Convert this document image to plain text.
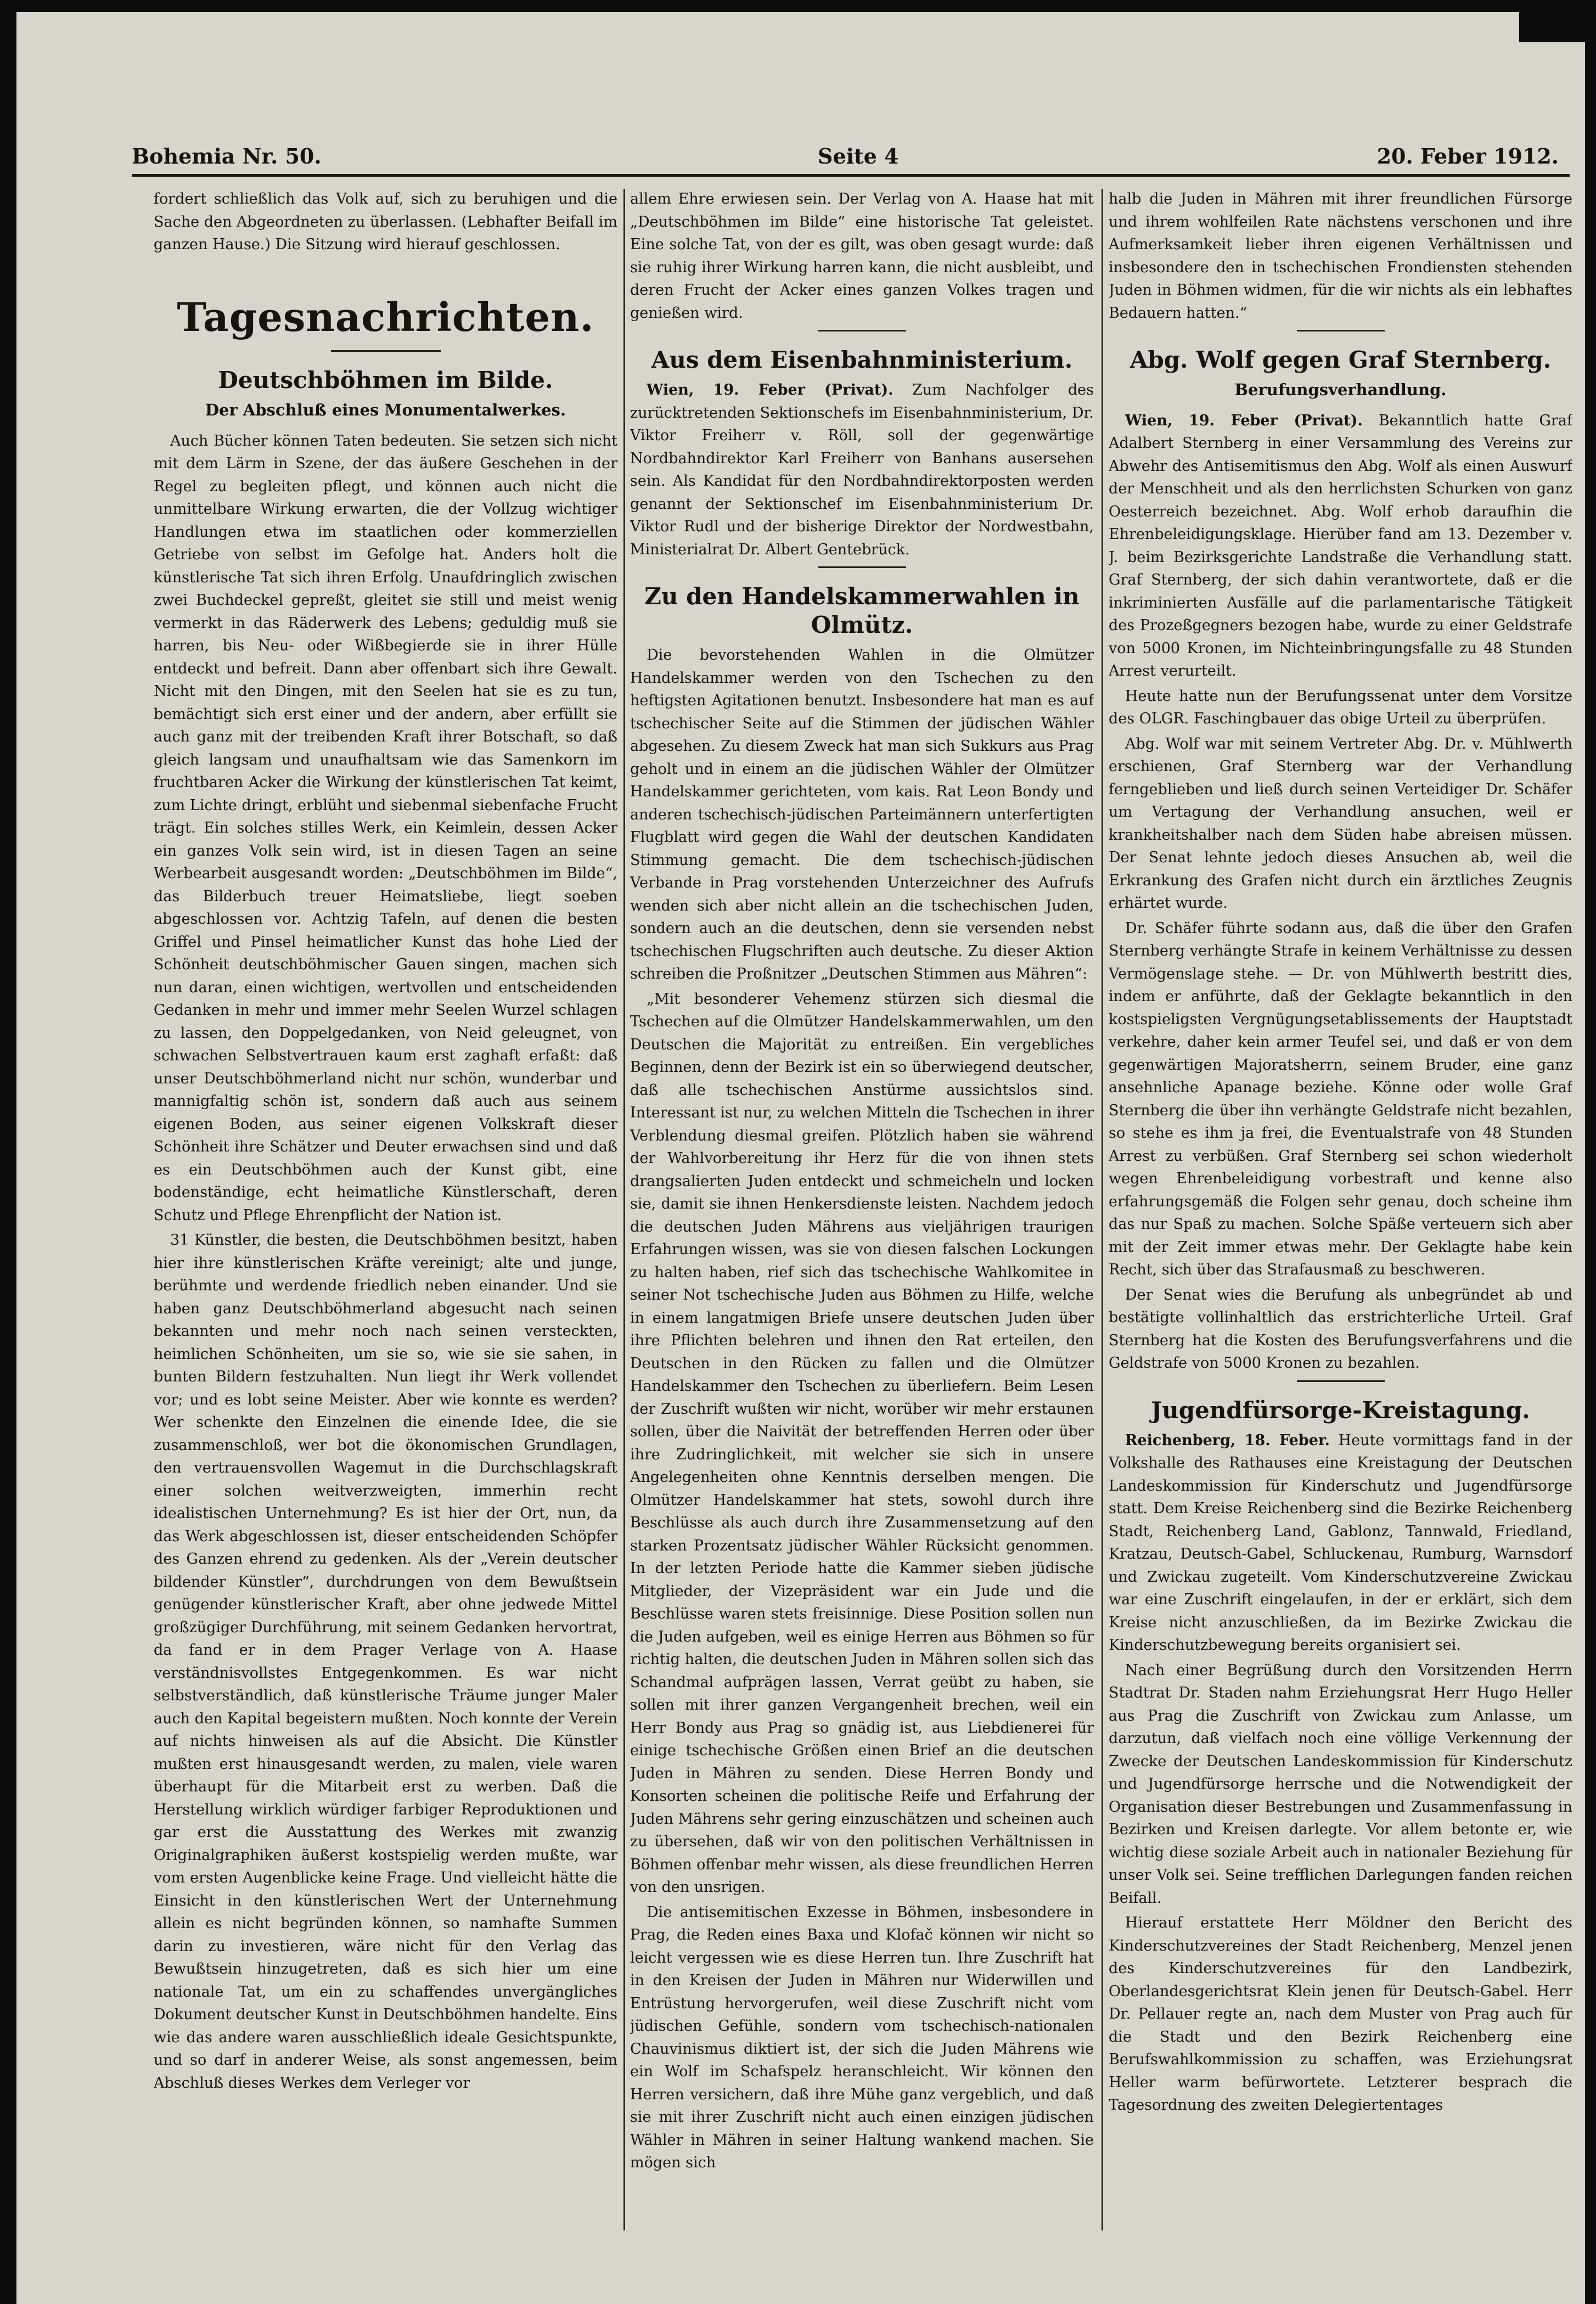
Bohemia Nr. 50.	Seite 4	20. Feber 1912.

fordert schließlich das Volk auf, sich zu beruhigen und die Sache den Abgeordneten zu überlassen. (Lebhafter Beifall im ganzen Hause.) Die Sitzung wird hierauf geschlossen.

Tagesnachrichten.
Deutschböhmen im Bilde.
Der Abschluß eines Monumentalwerkes.

Auch Bücher können Taten bedeuten. Sie setzen sich nicht mit dem Lärm in Szene, der das äußere Geschehen in der Regel zu begleiten pflegt, und können auch nicht die unmittelbare Wirkung erwarten, die der Vollzug wichtiger Handlungen etwa im staatlichen oder kommerziellen Getriebe von selbst im Gefolge hat. Anders holt die künstlerische Tat sich ihren Erfolg. Unaufdringlich zwischen zwei Buchdeckel gepreßt, gleitet sie still und meist wenig vermerkt in das Räderwerk des Lebens; geduldig muß sie harren, bis Neu- oder Wißbegierde sie in ihrer Hülle entdeckt und befreit. Dann aber offenbart sich ihre Gewalt. Nicht mit den Dingen, mit den Seelen hat sie es zu tun, bemächtigt sich erst einer und der andern, aber erfüllt sie auch ganz mit der treibenden Kraft ihrer Botschaft, so daß gleich langsam und unaufhaltsam wie das Samenkorn im fruchtbaren Acker die Wirkung der künstlerischen Tat keimt, zum Lichte dringt, erblüht und siebenmal siebenfache Frucht trägt. Ein solches stilles Werk, ein Keimlein, dessen Acker ein ganzes Volk sein wird, ist in diesen Tagen an seine Werbearbeit ausgesandt worden: „Deutschböhmen im Bilde“, das Bilderbuch treuer Heimatsliebe, liegt soeben abgeschlossen vor. Achtzig Tafeln, auf denen die besten Griffel und Pinsel heimatlicher Kunst das hohe Lied der Schönheit deutschböhmischer Gauen singen, machen sich nun daran, einen wichtigen, wertvollen und entscheidenden Gedanken in mehr und immer mehr Seelen Wurzel schlagen zu lassen, den Doppelgedanken, von Neid geleugnet, von schwachen Selbstvertrauen kaum erst zaghaft erfaßt: daß unser Deutschböhmerland nicht nur schön, wunderbar und mannigfaltig schön ist, sondern daß auch aus seinem eigenen Boden, aus seiner eigenen Volkskraft dieser Schönheit ihre Schätzer und Deuter erwachsen sind und daß es ein Deutschböhmen auch der Kunst gibt, eine bodenständige, echt heimatliche Künstlerschaft, deren Schutz und Pflege Ehrenpflicht der Nation ist.

31 Künstler, die besten, die Deutschböhmen besitzt, haben hier ihre künstlerischen Kräfte vereinigt; alte und junge, berühmte und werdende friedlich neben einander. Und sie haben ganz Deutschböhmerland abgesucht nach seinen bekannten und mehr noch nach seinen versteckten, heimlichen Schönheiten, um sie so, wie sie sie sahen, in bunten Bildern festzuhalten. Nun liegt ihr Werk vollendet vor; und es lobt seine Meister. Aber wie konnte es werden? Wer schenkte den Einzelnen die einende Idee, die sie zusammenschloß, wer bot die ökonomischen Grundlagen, den vertrauensvollen Wagemut in die Durchschlagskraft einer solchen weitverzweigten, immerhin recht idealistischen Unternehmung? Es ist hier der Ort, nun, da das Werk abgeschlossen ist, dieser entscheidenden Schöpfer des Ganzen ehrend zu gedenken. Als der „Verein deutscher bildender Künstler“, durchdrungen von dem Bewußtsein genügender künstlerischer Kraft, aber ohne jedwede Mittel großzügiger Durchführung, mit seinem Gedanken hervortrat, da fand er in dem Prager Verlage von A. Haase verständnisvollstes Entgegenkommen. Es war nicht selbstverständlich, daß künstlerische Träume junger Maler auch den Kapital begeistern mußten. Noch konnte der Verein auf nichts hinweisen als auf die Absicht. Die Künstler mußten erst hinausgesandt werden, zu malen, viele waren überhaupt für die Mitarbeit erst zu werben. Daß die Herstellung wirklich würdiger farbiger Reproduktionen und gar erst die Ausstattung des Werkes mit zwanzig Originalgraphiken äußerst kostspielig werden mußte, war vom ersten Augenblicke keine Frage. Und vielleicht hätte die Einsicht in den künstlerischen Wert der Unternehmung allein es nicht begründen können, so namhafte Summen darin zu investieren, wäre nicht für den Verlag das Bewußtsein hinzugetreten, daß es sich hier um eine nationale Tat, um ein zu schaffendes unvergängliches Dokument deutscher Kunst in Deutschböhmen handelte. Eins wie das andere waren ausschließlich ideale Gesichtspunkte, und so darf in anderer Weise, als sonst angemessen, beim Abschluß dieses Werkes dem Verleger vor

allem Ehre erwiesen sein. Der Verlag von A. Haase hat mit „Deutschböhmen im Bilde“ eine historische Tat geleistet. Eine solche Tat, von der es gilt, was oben gesagt wurde: daß sie ruhig ihrer Wirkung harren kann, die nicht ausbleibt, und deren Frucht der Acker eines ganzen Volkes tragen und genießen wird.

Aus dem Eisenbahnministerium.

Wien, 19. Feber (Privat). Zum Nachfolger des zurücktretenden Sektionschefs im Eisenbahnministerium, Dr. Viktor Freiherr v. Röll, soll der gegenwärtige Nordbahndirektor Karl Freiherr von Banhans ausersehen sein. Als Kandidat für den Nordbahndirektorposten werden genannt der Sektionschef im Eisenbahnministerium Dr. Viktor Rudl und der bisherige Direktor der Nordwestbahn, Ministerialrat Dr. Albert Gentebrück.

Zu den Handelskammerwahlen in Olmütz.

Die bevorstehenden Wahlen in die Olmützer Handelskammer werden von den Tschechen zu den heftigsten Agitationen benutzt. Insbesondere hat man es auf tschechischer Seite auf die Stimmen der jüdischen Wähler abgesehen. Zu diesem Zweck hat man sich Sukkurs aus Prag geholt und in einem an die jüdischen Wähler der Olmützer Handelskammer gerichteten, vom kais. Rat Leon Bondy und anderen tschechisch-jüdischen Parteimännern unterfertigten Flugblatt wird gegen die Wahl der deutschen Kandidaten Stimmung gemacht. Die dem tschechisch-jüdischen Verbande in Prag vorstehenden Unterzeichner des Aufrufs wenden sich aber nicht allein an die tschechischen Juden, sondern auch an die deutschen, denn sie versenden nebst tschechischen Flugschriften auch deutsche. Zu dieser Aktion schreiben die Proßnitzer „Deutschen Stimmen aus Mähren“:

„Mit besonderer Vehemenz stürzen sich diesmal die Tschechen auf die Olmützer Handelskammerwahlen, um den Deutschen die Majorität zu entreißen. Ein vergebliches Beginnen, denn der Bezirk ist ein so überwiegend deutscher, daß alle tschechischen Anstürme aussichtslos sind. Interessant ist nur, zu welchen Mitteln die Tschechen in ihrer Verblendung diesmal greifen. Plötzlich haben sie während der Wahlvorbereitung ihr Herz für die von ihnen stets drangsalierten Juden entdeckt und schmeicheln und locken sie, damit sie ihnen Henkersdienste leisten. Nachdem jedoch die deutschen Juden Mährens aus vieljährigen traurigen Erfahrungen wissen, was sie von diesen falschen Lockungen zu halten haben, rief sich das tschechische Wahlkomitee in seiner Not tschechische Juden aus Böhmen zu Hilfe, welche in einem langatmigen Briefe unsere deutschen Juden über ihre Pflichten belehren und ihnen den Rat erteilen, den Deutschen in den Rücken zu fallen und die Olmützer Handelskammer den Tschechen zu überliefern. Beim Lesen der Zuschrift wußten wir nicht, worüber wir mehr erstaunen sollen, über die Naivität der betreffenden Herren oder über ihre Zudringlichkeit, mit welcher sie sich in unsere Angelegenheiten ohne Kenntnis derselben mengen. Die Olmützer Handelskammer hat stets, sowohl durch ihre Beschlüsse als auch durch ihre Zusammensetzung auf den starken Prozentsatz jüdischer Wähler Rücksicht genommen. In der letzten Periode hatte die Kammer sieben jüdische Mitglieder, der Vizepräsident war ein Jude und die Beschlüsse waren stets freisinnige. Diese Position sollen nun die Juden aufgeben, weil es einige Herren aus Böhmen so für richtig halten, die deutschen Juden in Mähren sollen sich das Schandmal aufprägen lassen, Verrat geübt zu haben, sie sollen mit ihrer ganzen Vergangenheit brechen, weil ein Herr Bondy aus Prag so gnädig ist, aus Liebdienerei für einige tschechische Größen einen Brief an die deutschen Juden in Mähren zu senden. Diese Herren Bondy und Konsorten scheinen die politische Reife und Erfahrung der Juden Mährens sehr gering einzuschätzen und scheinen auch zu übersehen, daß wir von den politischen Verhältnissen in Böhmen offenbar mehr wissen, als diese freundlichen Herren von den unsrigen.

Die antisemitischen Exzesse in Böhmen, insbesondere in Prag, die Reden eines Baxa und Klofač können wir nicht so leicht vergessen wie es diese Herren tun. Ihre Zuschrift hat in den Kreisen der Juden in Mähren nur Widerwillen und Entrüstung hervorgerufen, weil diese Zuschrift nicht vom jüdischen Gefühle, sondern vom tschechisch-nationalen Chauvinismus diktiert ist, der sich die Juden Mährens wie ein Wolf im Schafspelz heranschleicht. Wir können den Herren versichern, daß ihre Mühe ganz vergeblich, und daß sie mit ihrer Zuschrift nicht auch einen einzigen jüdischen Wähler in Mähren in seiner Haltung wankend machen. Sie mögen sich

halb die Juden in Mähren mit ihrer freundlichen Fürsorge und ihrem wohlfeilen Rate nächstens verschonen und ihre Aufmerksamkeit lieber ihren eigenen Verhältnissen und insbesondere den in tschechischen Frondiensten stehenden Juden in Böhmen widmen, für die wir nichts als ein lebhaftes Bedauern hatten.“

Abg. Wolf gegen Graf Sternberg.
Berufungsverhandlung.

Wien, 19. Feber (Privat). Bekanntlich hatte Graf Adalbert Sternberg in einer Versammlung des Vereins zur Abwehr des Antisemitismus den Abg. Wolf als einen Auswurf der Menschheit und als den herrlichsten Schurken von ganz Oesterreich bezeichnet. Abg. Wolf erhob daraufhin die Ehrenbeleidigungsklage. Hierüber fand am 13. Dezember v. J. beim Bezirksgerichte Landstraße die Verhandlung statt. Graf Sternberg, der sich dahin verantwortete, daß er die inkriminierten Ausfälle auf die parlamentarische Tätigkeit des Prozeßgegners bezogen habe, wurde zu einer Geldstrafe von 5000 Kronen, im Nichteinbringungsfalle zu 48 Stunden Arrest verurteilt.

Heute hatte nun der Berufungssenat unter dem Vorsitze des OLGR. Faschingbauer das obige Urteil zu überprüfen.

Abg. Wolf war mit seinem Vertreter Abg. Dr. v. Mühlwerth erschienen, Graf Sternberg war der Verhandlung ferngeblieben und ließ durch seinen Verteidiger Dr. Schäfer um Vertagung der Verhandlung ansuchen, weil er krankheitshalber nach dem Süden habe abreisen müssen. Der Senat lehnte jedoch dieses Ansuchen ab, weil die Erkrankung des Grafen nicht durch ein ärztliches Zeugnis erhärtet wurde.

Dr. Schäfer führte sodann aus, daß die über den Grafen Sternberg verhängte Strafe in keinem Verhältnisse zu dessen Vermögenslage stehe. — Dr. von Mühlwerth bestritt dies, indem er anführte, daß der Geklagte bekanntlich in den kostspieligsten Vergnügungsetablissements der Hauptstadt verkehre, daher kein armer Teufel sei, und daß er von dem gegenwärtigen Majoratsherrn, seinem Bruder, eine ganz ansehnliche Apanage beziehe. Könne oder wolle Graf Sternberg die über ihn verhängte Geldstrafe nicht bezahlen, so stehe es ihm ja frei, die Eventualstrafe von 48 Stunden Arrest zu verbüßen. Graf Sternberg sei schon wiederholt wegen Ehrenbeleidigung vorbestraft und kenne also erfahrungsgemäß die Folgen sehr genau, doch scheine ihm das nur Spaß zu machen. Solche Späße verteuern sich aber mit der Zeit immer etwas mehr. Der Geklagte habe kein Recht, sich über das Strafausmaß zu beschweren.

Der Senat wies die Berufung als unbegründet ab und bestätigte vollinhaltlich das erstrichterliche Urteil. Graf Sternberg hat die Kosten des Berufungsverfahrens und die Geldstrafe von 5000 Kronen zu bezahlen.

Jugendfürsorge-Kreistagung.

Reichenberg, 18. Feber. Heute vormittags fand in der Volkshalle des Rathauses eine Kreistagung der Deutschen Landeskommission für Kinderschutz und Jugendfürsorge statt. Dem Kreise Reichenberg sind die Bezirke Reichenberg Stadt, Reichenberg Land, Gablonz, Tannwald, Friedland, Kratzau, Deutsch-Gabel, Schluckenau, Rumburg, Warnsdorf und Zwickau zugeteilt. Vom Kinderschutzvereine Zwickau war eine Zuschrift eingelaufen, in der er erklärt, sich dem Kreise nicht anzuschließen, da im Bezirke Zwickau die Kinderschutzbewegung bereits organisiert sei.

Nach einer Begrüßung durch den Vorsitzenden Herrn Stadtrat Dr. Staden nahm Erziehungsrat Herr Hugo Heller aus Prag die Zuschrift von Zwickau zum Anlasse, um darzutun, daß vielfach noch eine völlige Verkennung der Zwecke der Deutschen Landeskommission für Kinderschutz und Jugendfürsorge herrsche und die Notwendigkeit der Organisation dieser Bestrebungen und Zusammenfassung in Bezirken und Kreisen darlegte. Vor allem betonte er, wie wichtig diese soziale Arbeit auch in nationaler Beziehung für unser Volk sei. Seine trefflichen Darlegungen fanden reichen Beifall.

Hierauf erstattete Herr Möldner den Bericht des Kinderschutzvereines der Stadt Reichenberg, Menzel jenen des Kinderschutzvereines für den Landbezirk, Oberlandesgerichtsrat Klein jenen für Deutsch-Gabel. Herr Dr. Pellauer regte an, nach dem Muster von Prag auch für die Stadt und den Bezirk Reichenberg eine Berufswahlkommission zu schaffen, was Erziehungsrat Heller warm befürwortete. Letzterer besprach die Tagesordnung des zweiten Delegiertentages
